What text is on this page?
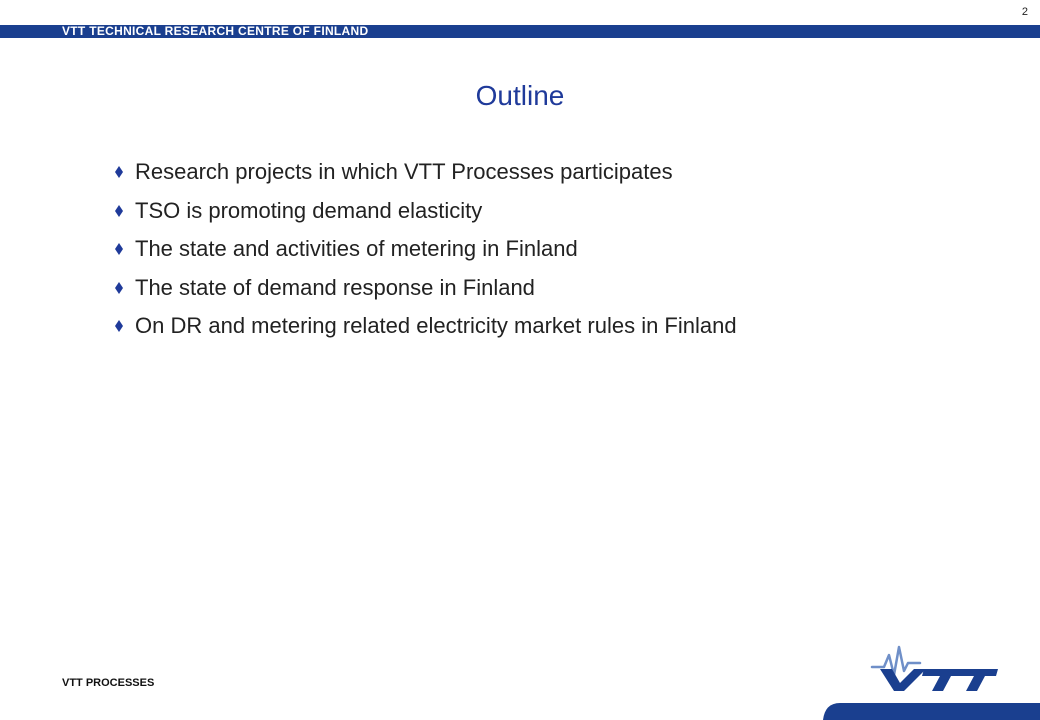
VTT TECHNICAL RESEARCH CENTRE OF FINLAND
2
Outline
Research projects in which VTT Processes participates
TSO is promoting demand elasticity
The state and activities of metering in Finland
The state of demand response in Finland
On DR and metering related electricity market rules in Finland
VTT PROCESSES
